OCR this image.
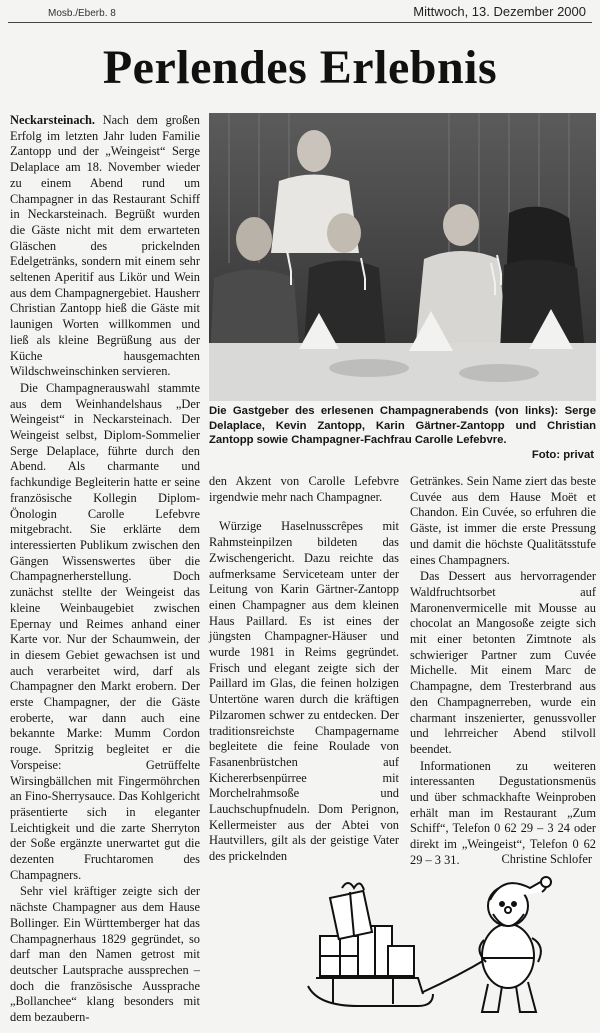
Mosb./Eberb. 8	Mittwoch, 13. Dezember 2000
Perlendes Erlebnis

Neckarsteinach. Nach dem großen Erfolg im letzten Jahr luden Familie Zantopp und der „Weingeist“ Serge Delaplace am 18. November wieder zu einem Abend rund um Champagner in das Restaurant Schiff in Neckarsteinach. Begrüßt wurden die Gäste nicht mit dem erwarteten Gläschen des prickelnden Edelgetränks, sondern mit einem sehr seltenen Aperitif aus Likör und Wein aus dem Champagnergebiet. Hausherr Christian Zantopp hieß die Gäste mit launigen Worten willkommen und ließ als kleine Begrüßung aus der Küche hausgemachten Wildschweinschinken servieren.

Die Champagnerauswahl stammte aus dem Weinhandelshaus „Der Weingeist“ in Neckarsteinach. Der Weingeist selbst, Diplom-Sommelier Serge Delaplace, führte durch den Abend. Als charmante und fachkundige Begleiterin hatte er seine französische Kollegin Diplom-Önologin Carolle Lefebvre mitgebracht. Sie erklärte dem interessierten Publikum zwischen den Gängen Wissenswertes über die Champagnerherstellung. Doch zunächst stellte der Weingeist das kleine Weinbaugebiet zwischen Epernay und Reimes anhand einer Karte vor. Nur der Schaumwein, der in diesem Gebiet gewachsen ist und auch verarbeitet wird, darf als Champagner den Markt erobern. Der erste Champagner, der die Gäste eroberte, war dann auch eine bekannte Marke: Mumm Cordon rouge. Spritzig begleitet er die Vorspeise: Getrüffelte Wirsingbällchen mit Fingermöhrchen an Fino-Sherrysauce. Das Kohlgericht präsentierte sich in eleganter Leichtigkeit und die zarte Sherryton der Soße ergänzte unerwartet gut die dezenten Fruchtaromen des Champagners.

Sehr viel kräftiger zeigte sich der nächste Champagner aus dem Hause Bollinger. Ein Württemberger hat das Champagnerhaus 1829 gegründet, so darf man den Namen getrost mit deutscher Lautsprache aussprechen – doch die französische Aussprache „Bollanchee“ klang besonders mit dem bezaubern-

Die Gastgeber des erlesenen Champagnerabends (von links): Serge Delaplace, Kevin Zantopp, Karin Gärtner-Zantopp und Christian Zantopp sowie Champagner-Fachfrau Carolle Lefebvre.
Foto: privat

den Akzent von Carolle Lefebvre irgendwie mehr nach Champagner.

Würzige Haselnusscrêpes mit Rahmsteinpilzen bildeten das Zwischengericht. Dazu reichte das aufmerksame Serviceteam unter der Leitung von Karin Gärtner-Zantopp einen Champagner aus dem kleinen Haus Paillard. Es ist eines der jüngsten Champagner-Häuser und wurde 1981 in Reims gegründet. Frisch und elegant zeigte sich der Paillard im Glas, die feinen holzigen Untertöne waren durch die kräftigen Pilzaromen schwer zu entdecken. Der traditionsreichste Champagername begleitete die feine Roulade von Fasanenbrüstchen auf Kichererbsenpürree mit Morchelrahmsoße und Lauchschupfnudeln. Dom Perignon, Kellermeister aus der Abtei von Hautvillers, gilt als der geistige Vater des prickelnden

Getränkes. Sein Name ziert das beste Cuvée aus dem Hause Moët et Chandon. Ein Cuvée, so erfuhren die Gäste, ist immer die erste Pressung und damit die höchste Qualitätsstufe eines Champagners.

Das Dessert aus hervorragender Waldfruchtsorbet auf Maronenvermicelle mit Mousse au chocolat an Mangosoße zeigte sich mit einer betonten Zimtnote als schwieriger Partner zum Cuvée Michelle. Mit einem Marc de Champagne, dem Tresterbrand aus den Champagnerreben, wurde ein charmant inszenierter, genussvoller und lehrreicher Abend stilvoll beendet.

Informationen zu weiteren interessanten Degustationsmenüs und über schmackhafte Weinproben erhält man im Restaurant „Zum Schiff“, Telefon 0 62 29 – 3 24 oder direkt im „Weingeist“, Telefon 0 62 29 – 3 31.	Christine Schlofer
